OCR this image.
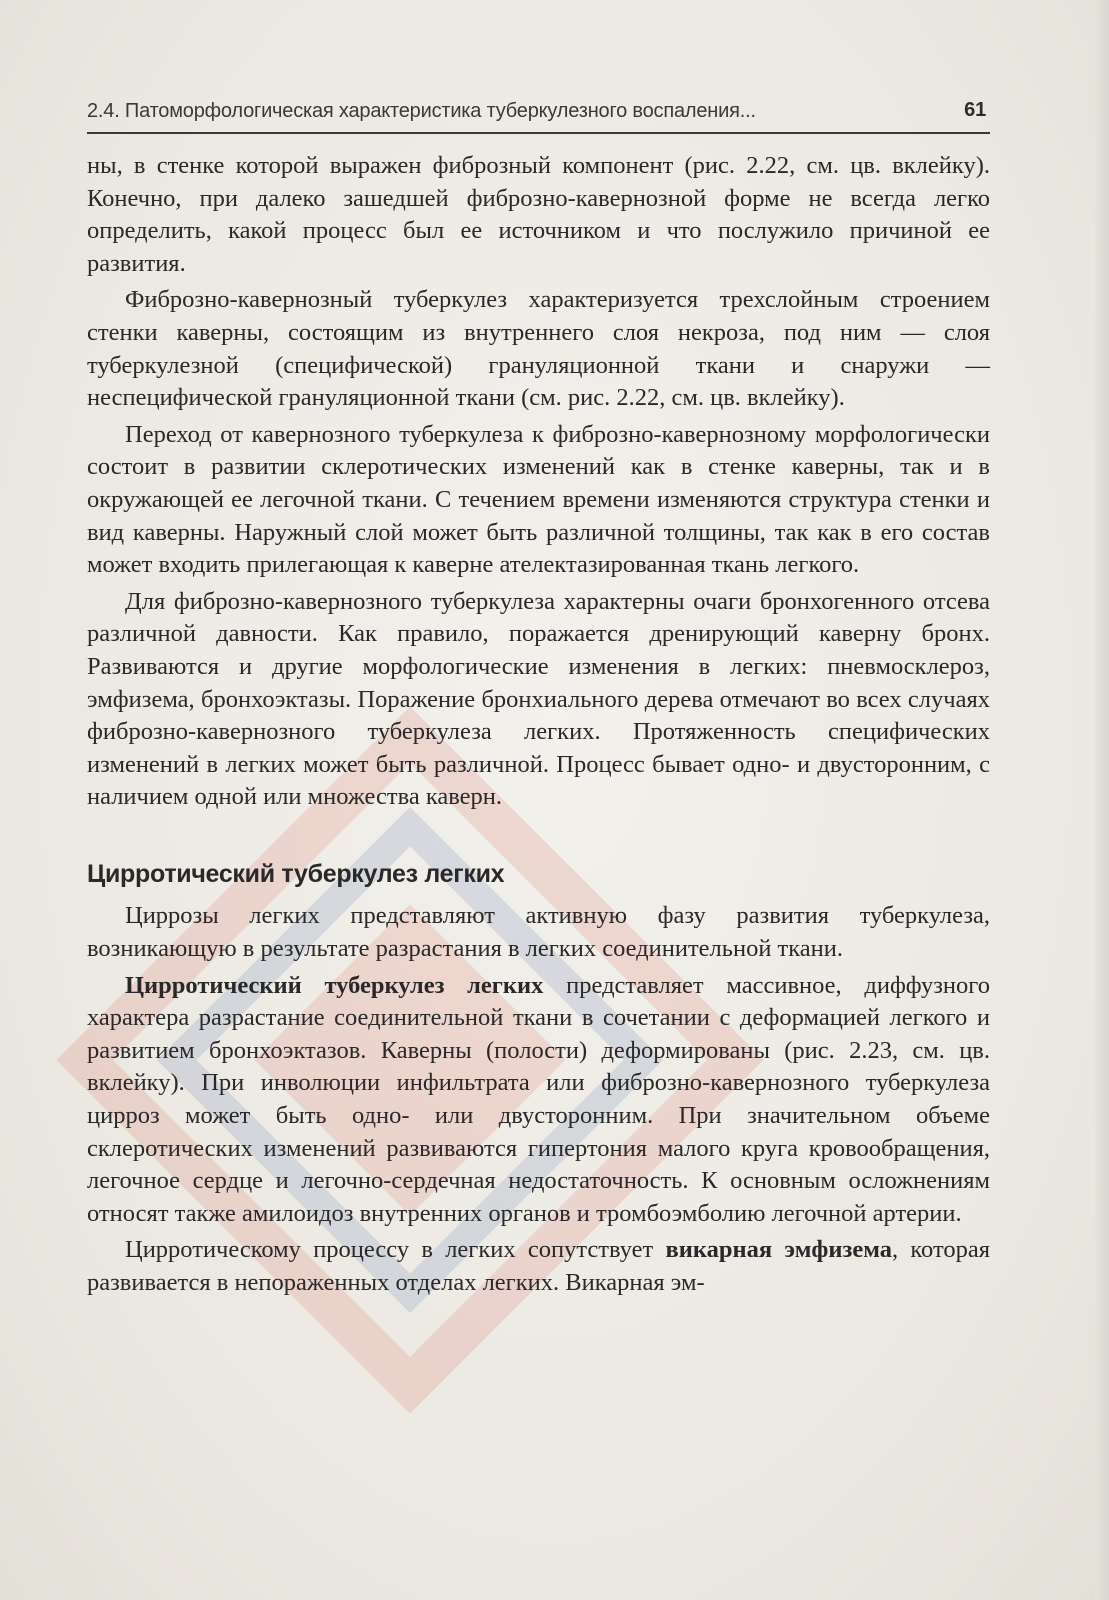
2.4. Патоморфологическая характеристика туберкулезного воспаления...	61

ны, в стенке которой выражен фиброзный компонент (рис. 2.22, см. цв. вклейку). Конечно, при далеко зашедшей фиброзно-кавернозной форме не всегда легко определить, какой процесс был ее источником и что послужило причиной ее развития.

Фиброзно-кавернозный туберкулез характеризуется трехслойным строением стенки каверны, состоящим из внутреннего слоя некроза, под ним — слоя туберкулезной (специфической) грануляционной ткани и снаружи — неспецифической грануляционной ткани (см. рис. 2.22, см. цв. вклейку).

Переход от кавернозного туберкулеза к фиброзно-кавернозному морфологически состоит в развитии склеротических изменений как в стенке каверны, так и в окружающей ее легочной ткани. С течением времени изменяются структура стенки и вид каверны. Наружный слой может быть различной толщины, так как в его состав может входить прилегающая к каверне ателектазированная ткань легкого.

Для фиброзно-кавернозного туберкулеза характерны очаги бронхогенного отсева различной давности. Как правило, поражается дренирующий каверну бронх. Развиваются и другие морфологические изменения в легких: пневмосклероз, эмфизема, бронхоэктазы. Поражение бронхиального дерева отмечают во всех случаях фиброзно-кавернозного туберкулеза легких. Протяженность специфических изменений в легких может быть различной. Процесс бывает одно- и двусторонним, с наличием одной или множества каверн.

Цирротический туберкулез легких

Циррозы легких представляют активную фазу развития туберкулеза, возникающую в результате разрастания в легких соединительной ткани.

Цирротический туберкулез легких представляет массивное, диффузного характера разрастание соединительной ткани в сочетании с деформацией легкого и развитием бронхоэктазов. Каверны (полости) деформированы (рис. 2.23, см. цв. вклейку). При инволюции инфильтрата или фиброзно-кавернозного туберкулеза цирроз может быть одно- или двусторонним. При значительном объеме склеротических изменений развиваются гипертония малого круга кровообращения, легочное сердце и легочно-сердечная недостаточность. К основным осложнениям относят также амилоидоз внутренних органов и тромбоэмболию легочной артерии.

Цирротическому процессу в легких сопутствует викарная эмфизема, которая развивается в непораженных отделах легких. Викарная эм-
